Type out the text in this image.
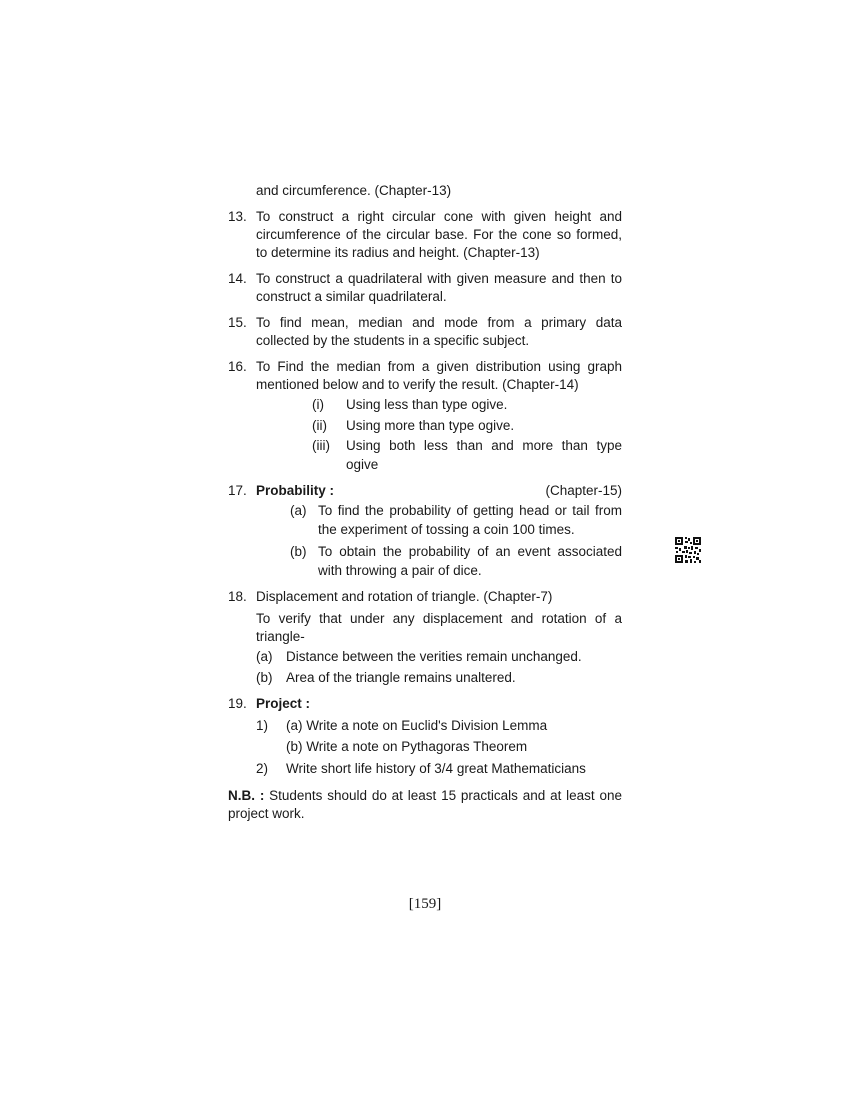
and circumference. (Chapter-13)
13. To construct a right circular cone with given height and circumference of the circular base. For the cone so formed, to determine its radius and height. (Chapter-13)
14. To construct a quadrilateral with given measure and then to construct a similar quadrilateral.
15. To find mean, median and mode from a primary data collected by the students in a specific subject.
16. To Find the median from a given distribution using graph mentioned below and to verify the result. (Chapter-14)
(i) Using less than type ogive.
(ii) Using more than type ogive.
(iii) Using both less than and more than type ogive
17. Probability :	(Chapter-15)
(a) To find the probability of getting head or tail from the experiment of tossing a coin 100 times.
(b) To obtain the probability of an event associated with throwing a pair of dice.
18. Displacement and rotation of triangle. (Chapter-7)
To verify that under any displacement and rotation of a triangle-
(a) Distance between the verities remain unchanged.
(b) Area of the triangle remains unaltered.
19. Project :
1) (a) Write a note on Euclid's Division Lemma
(b) Write a note on Pythagoras Theorem
2) Write short life history of 3/4 great Mathematicians
N.B. : Students should do at least 15 practicals and at least one project work.
[159]
